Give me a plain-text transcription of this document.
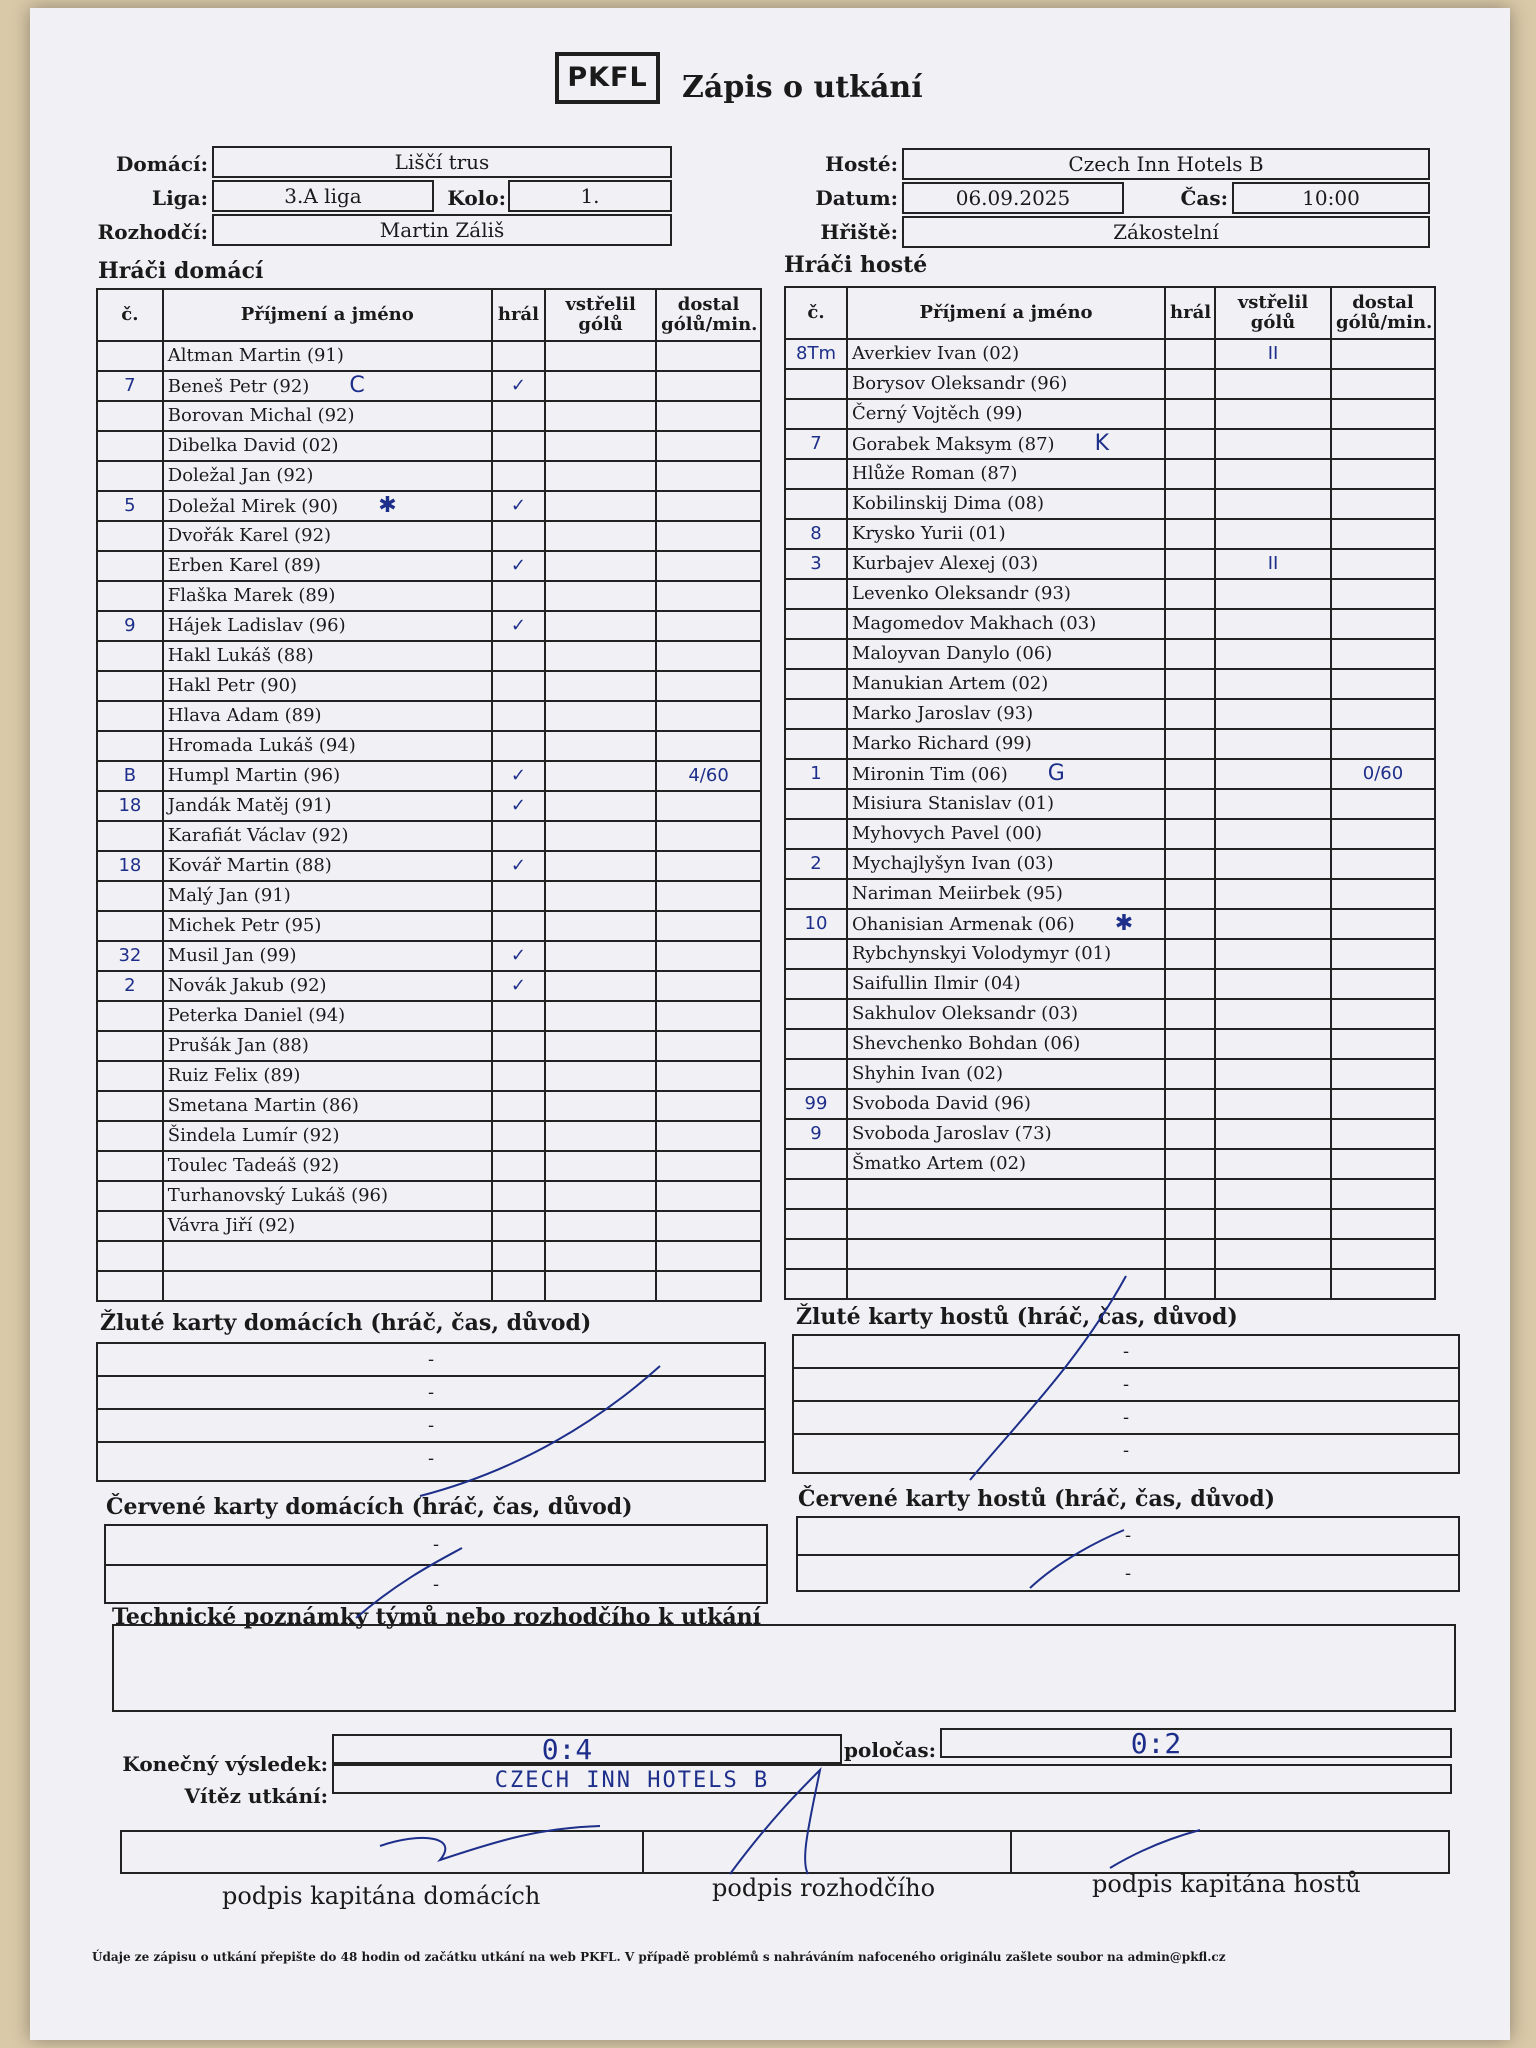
PKFL	Zápis o utkání
Domácí:	Liščí trus
Liga:	3.A liga	Kolo:	1.
Rozhodčí:	Martin Záliš
Hosté:	Czech Inn Hotels B
Datum:	06.09.2025	Čas:	10:00
Hřiště:	Zákostelní
Hráči domácí	Hráči hosté
č.	Příjmení a jméno	hrál	vstřelil gólů	dostal gólů/min.
	Altman Martin (91)			
7	Beneš Petr (92) C	✓		
	Borovan Michal (92)			
	Dibelka David (02)			
	Doležal Jan (92)			
5	Doležal Mirek (90) ✱	✓		
	Dvořák Karel (92)			
	Erben Karel (89)	✓		
	Flaška Marek (89)			
9	Hájek Ladislav (96)	✓		
	Hakl Lukáš (88)			
	Hakl Petr (90)			
	Hlava Adam (89)			
	Hromada Lukáš (94)			
B	Humpl Martin (96)	✓		4/60
18	Jandák Matěj (91)	✓		
	Karafiát Václav (92)			
18	Kovář Martin (88)	✓		
	Malý Jan (91)			
	Michek Petr (95)			
32	Musil Jan (99)	✓		
2	Novák Jakub (92)	✓		
	Peterka Daniel (94)			
	Prušák Jan (88)			
	Ruiz Felix (89)			
	Smetana Martin (86)			
	Šindela Lumír (92)			
	Toulec Tadeáš (92)			
	Turhanovský Lukáš (96)			
	Vávra Jiří (92)			

č.	Příjmení a jméno	hrál	vstřelil gólů	dostal gólů/min.
8Tm	Averkiev Ivan (02)		II	
	Borysov Oleksandr (96)			
	Černý Vojtěch (99)			
7	Gorabek Maksym (87) K			
	Hlůže Roman (87)			
	Kobilinskij Dima (08)			
8	Krysko Yurii (01)			
3	Kurbajev Alexej (03)		II	
	Levenko Oleksandr (93)			
	Magomedov Makhach (03)			
	Maloyvan Danylo (06)			
	Manukian Artem (02)			
	Marko Jaroslav (93)			
	Marko Richard (99)			
1	Mironin Tim (06) G			0/60
	Misiura Stanislav (01)			
	Myhovych Pavel (00)			
2	Mychajlyšyn Ivan (03)			
	Nariman Meiirbek (95)			
10	Ohanisian Armenak (06) ✱			
	Rybchynskyi Volodymyr (01)			
	Saifullin Ilmir (04)			
	Sakhulov Oleksandr (03)			
	Shevchenko Bohdan (06)			
	Shyhin Ivan (02)			
99	Svoboda David (96)			
9	Svoboda Jaroslav (73)			
	Šmatko Artem (02)			

Žluté karty domácích (hráč, čas, důvod)
-
-
-
-
Žluté karty hostů (hráč, čas, důvod)
-
-
-
-
Červené karty domácích (hráč, čas, důvod)
-
-
Červené karty hostů (hráč, čas, důvod)
-
-
Technické poznámky týmů nebo rozhodčího k utkání
Konečný výsledek:	0:4	poločas:	0:2
Vítěz utkání:
CZECH INN HOTELS B
podpis kapitána domácích	podpis rozhodčího	podpis kapitána hostů
Údaje ze zápisu o utkání přepište do 48 hodin od začátku utkání na web PKFL. V případě problémů s nahráváním nafoceného originálu zašlete soubor na admin@pkfl.cz
